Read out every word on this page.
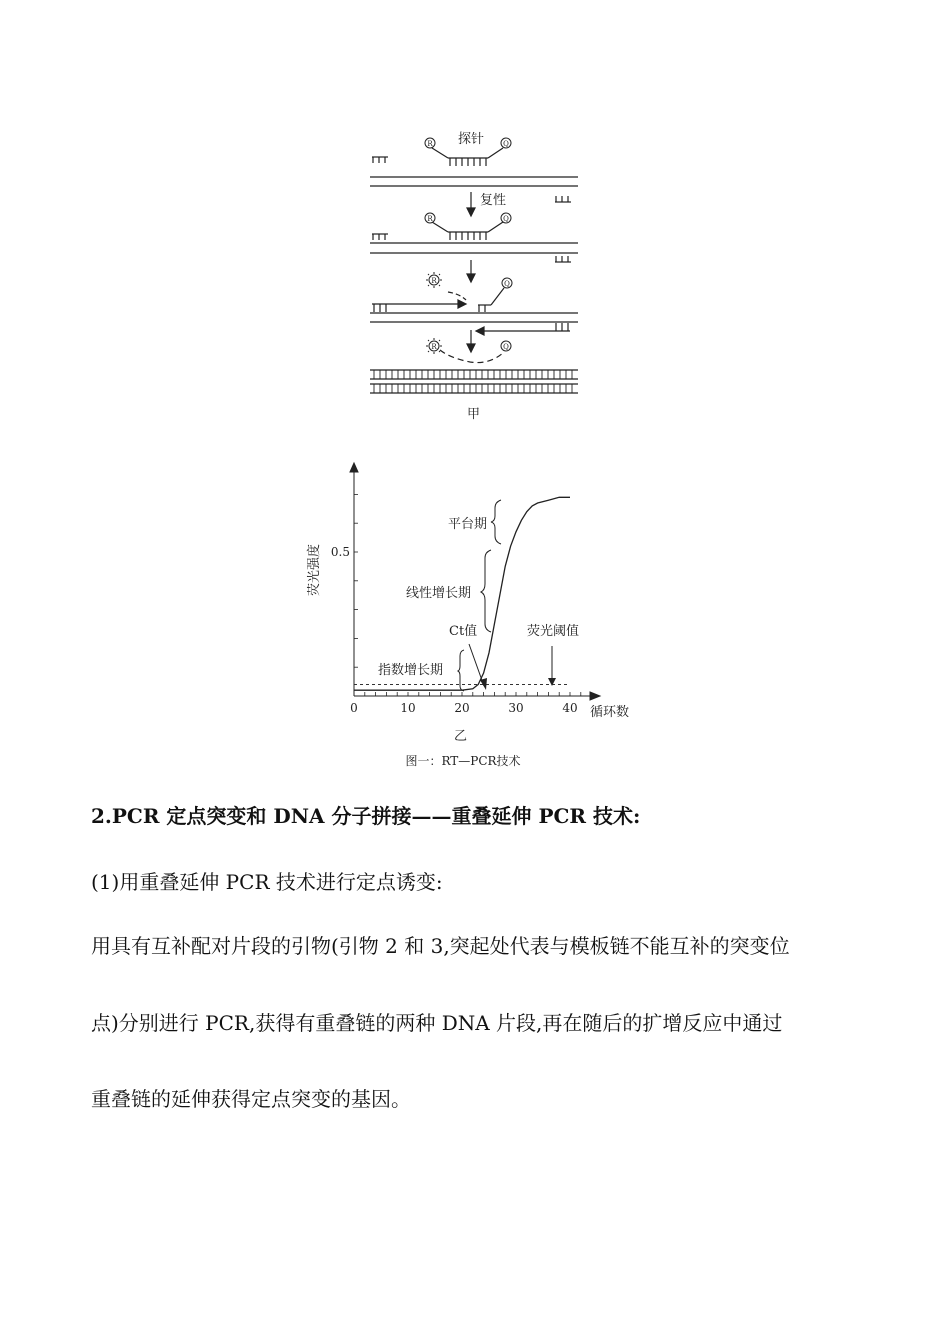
R	Q
R	Q
R	Q
R	Q
探针
复性
甲
0	10	20	30	40
0.5
平台期
线性增长期
Ct值	荧光阈值
指数增长期
循环数
乙
荧光强度
图一：RT—PCR技术
2.PCR 定点突变和 DNA 分子拼接——重叠延伸 PCR 技术:
(1)用重叠延伸 PCR 技术进行定点诱变:
用具有互补配对片段的引物(引物 2 和 3,突起处代表与模板链不能互补的突变位
点)分别进行 PCR,获得有重叠链的两种 DNA 片段,再在随后的扩增反应中通过
重叠链的延伸获得定点突变的基因。
